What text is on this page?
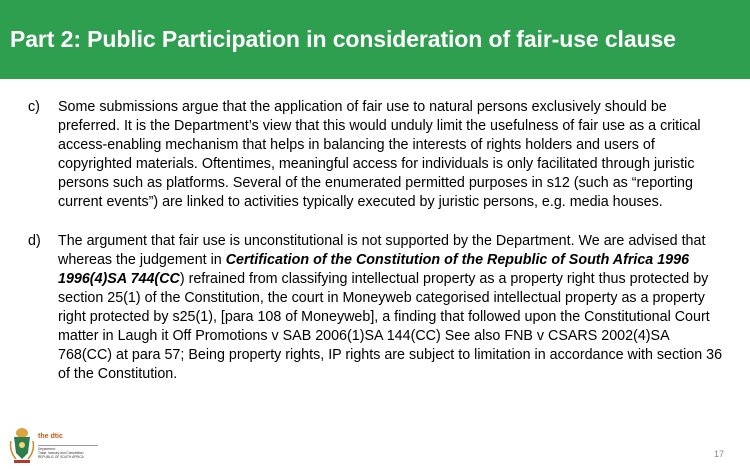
Part 2: Public Participation in consideration of fair-use clause
c)	Some submissions argue that the application of fair use to natural persons exclusively should be preferred. It is the Department’s view that this would unduly limit the usefulness of fair use as a critical access-enabling mechanism that helps in balancing the interests of rights holders and users of copyrighted materials. Oftentimes, meaningful access for individuals is only facilitated through juristic persons such as platforms. Several of the enumerated permitted purposes in s12 (such as “reporting current events”) are linked to activities typically executed by juristic persons, e.g. media houses.
d)	The argument that fair use is unconstitutional is not supported by the Department. We are advised that whereas the judgement in Certification of the Constitution of the Republic of South Africa 1996 1996(4)SA 744(CC) refrained from classifying intellectual property as a property right thus protected by section 25(1) of the Constitution, the court in Moneyweb categorised intellectual property as a property right protected by s25(1), [para 108 of Moneyweb], a finding that followed upon the Constitutional Court matter in Laugh it Off Promotions v SAB 2006(1)SA 144(CC) See also FNB v CSARS 2002(4)SA 768(CC) at para 57; Being property rights, IP rights are subject to limitation in accordance with section 36 of the Constitution.
the dtic
Department:
Trade, Industry and Competition
REPUBLIC OF SOUTH AFRICA	17
